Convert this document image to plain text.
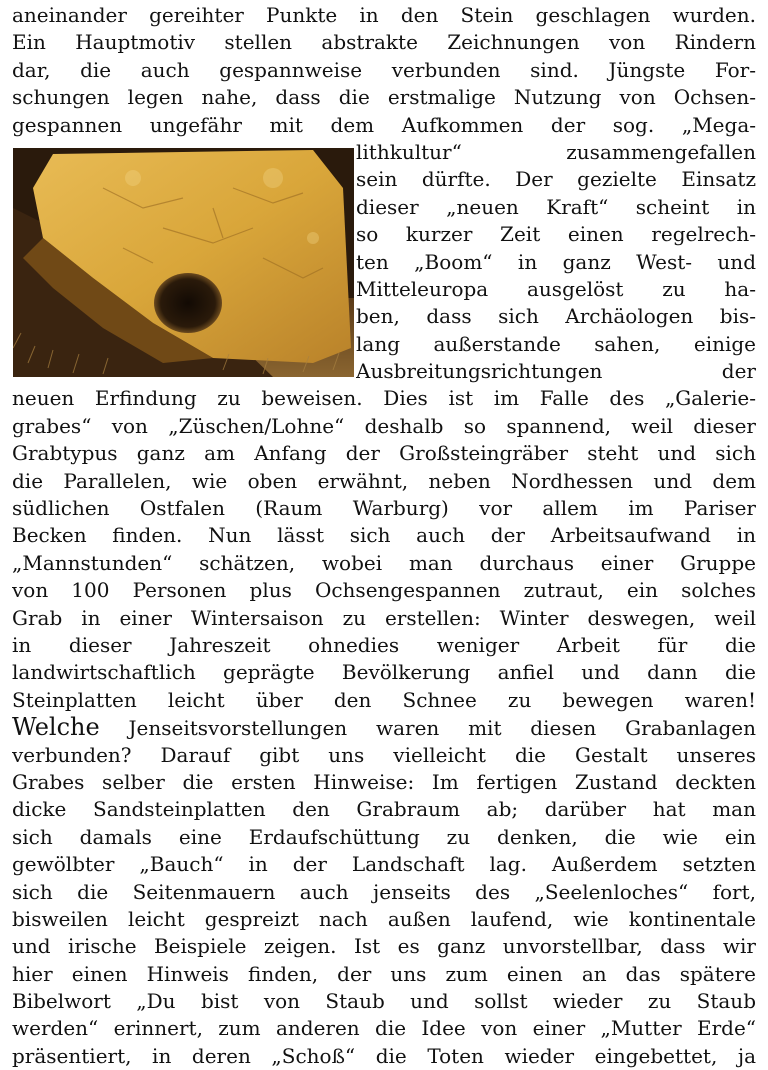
aneinander gereihter Punkte in den Stein geschlagen wurden.
Ein Hauptmotiv stellen abstrakte Zeichnungen von Rindern
dar, die auch gespannweise verbunden sind. Jüngste For-
schungen legen nahe, dass die erstmalige Nutzung von Ochsen-
gespannen ungefähr mit dem Aufkommen der sog. „Mega-
lithkultur“ zusammengefallen
sein dürfte. Der gezielte Einsatz
dieser „neuen Kraft“ scheint in
so kurzer Zeit einen regelrech-
ten „Boom“ in ganz West- und
Mitteleuropa ausgelöst zu ha-
ben, dass sich Archäologen bis-
lang außerstande sahen, einige
Ausbreitungsrichtungen der
neuen Erfindung zu beweisen. Dies ist im Falle des „Galerie-
grabes“ von „Züschen/Lohne“ deshalb so spannend, weil dieser
Grabtypus ganz am Anfang der Großsteingräber steht und sich
die Parallelen, wie oben erwähnt, neben Nordhessen und dem
südlichen Ostfalen (Raum Warburg) vor allem im Pariser
Becken finden. Nun lässt sich auch der Arbeitsaufwand in
„Mannstunden“ schätzen, wobei man durchaus einer Gruppe
von 100 Personen plus Ochsengespannen zutraut, ein solches
Grab in einer Wintersaison zu erstellen: Winter deswegen, weil
in dieser Jahreszeit ohnedies weniger Arbeit für die
landwirtschaftlich geprägte Bevölkerung anfiel und dann die
Steinplatten leicht über den Schnee zu bewegen waren!
Welche Jenseitsvorstellungen waren mit diesen Grabanlagen
verbunden? Darauf gibt uns vielleicht die Gestalt unseres
Grabes selber die ersten Hinweise: Im fertigen Zustand deckten
dicke Sandsteinplatten den Grabraum ab; darüber hat man
sich damals eine Erdaufschüttung zu denken, die wie ein
gewölbter „Bauch“ in der Landschaft lag. Außerdem setzten
sich die Seitenmauern auch jenseits des „Seelenloches“ fort,
bisweilen leicht gespreizt nach außen laufend, wie kontinentale
und irische Beispiele zeigen. Ist es ganz unvorstellbar, dass wir
hier einen Hinweis finden, der uns zum einen an das spätere
Bibelwort „Du bist von Staub und sollst wieder zu Staub
werden“ erinnert, zum anderen die Idee von einer „Mutter Erde“
präsentiert, in deren „Schoß“ die Toten wieder eingebettet, ja
